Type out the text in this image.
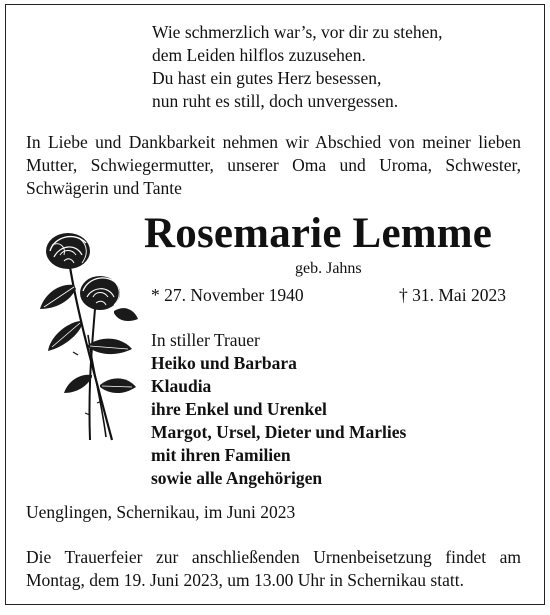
Wie schmerzlich war’s, vor dir zu stehen,
dem Leiden hilflos zuzusehen.
Du hast ein gutes Herz besessen,
nun ruht es still, doch unvergessen.
In Liebe und Dankbarkeit nehmen wir Abschied von meiner lieben Mutter, Schwiegermutter, unserer Oma und Uroma, Schwester, Schwägerin und Tante
Rosemarie Lemme
geb. Jahns
* 27. November 1940	† 31. Mai 2023
In stiller Trauer
Heiko und Barbara
Klaudia
ihre Enkel und Urenkel
Margot, Ursel, Dieter und Marlies
mit ihren Familien
sowie alle Angehörigen
Uenglingen, Schernikau, im Juni 2023
Die Trauerfeier zur anschließenden Urnenbeisetzung findet am Montag, dem 19. Juni 2023, um 13.00 Uhr in Schernikau statt.
